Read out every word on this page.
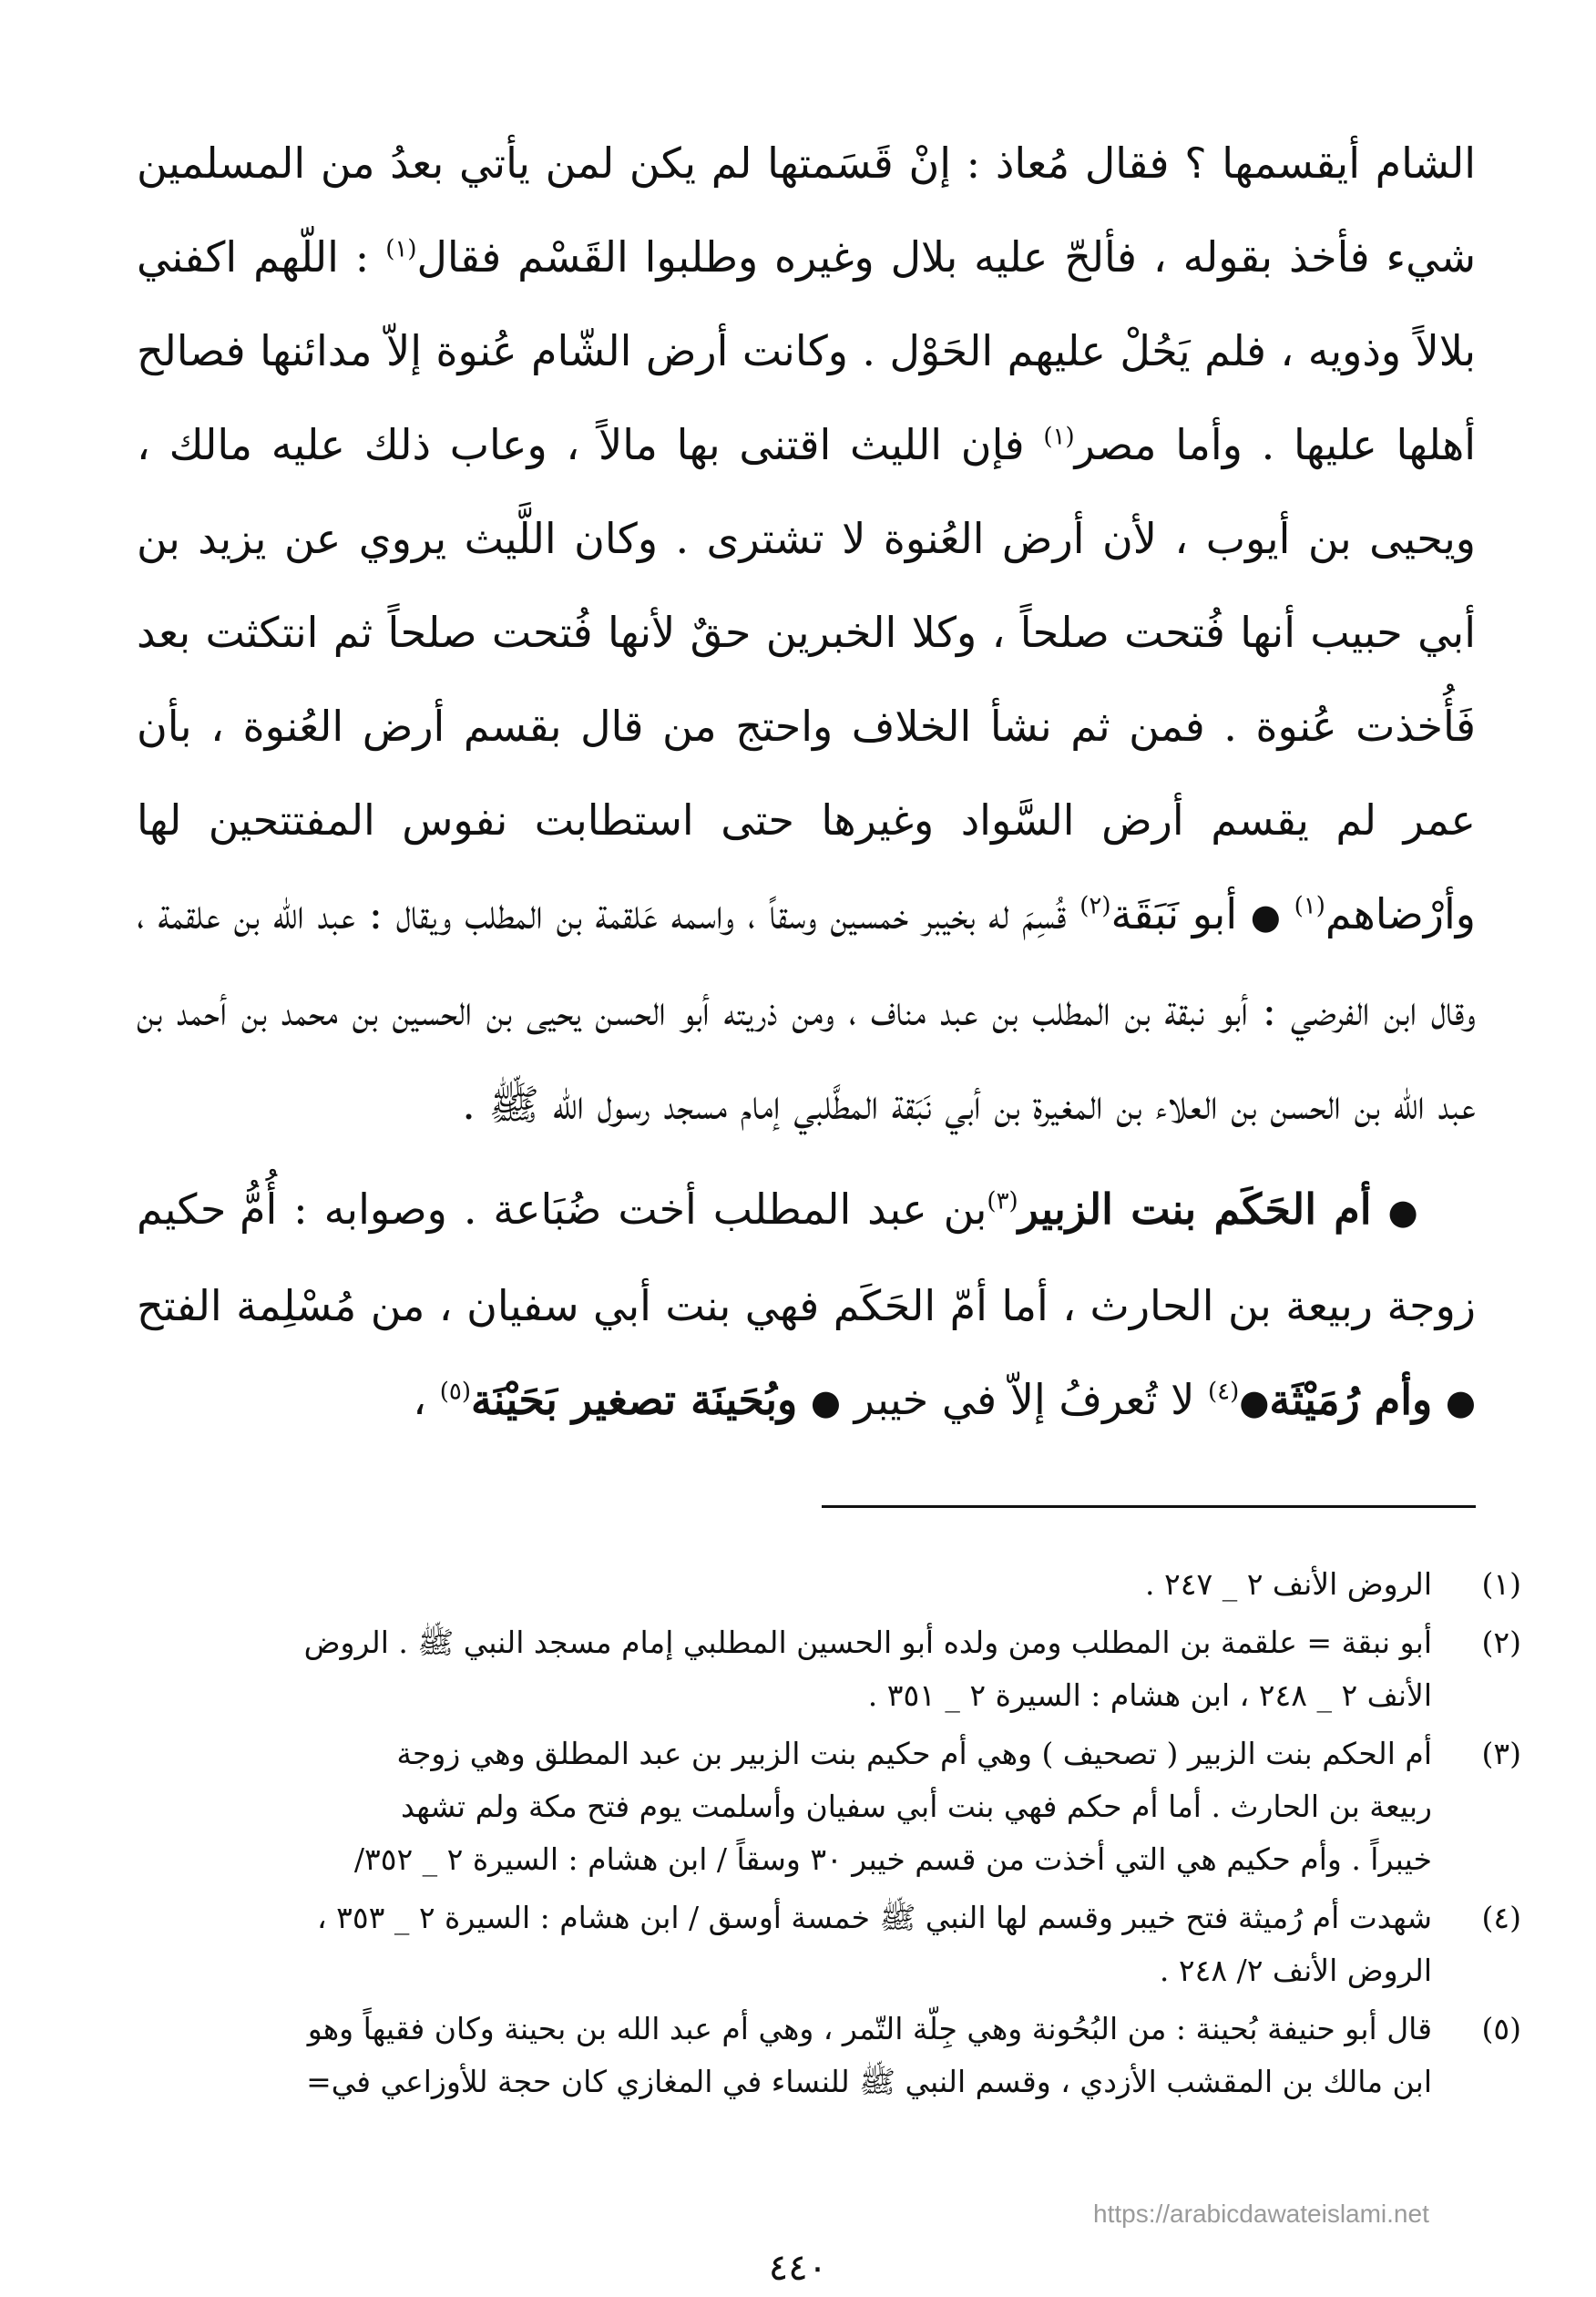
الشام أيقسمها ؟ فقال مُعاذ : إنْ قَسَمتها لم يكن لمن يأتي بعدُ من المسلمين شيء فأخذ بقوله ، فألحّ عليه بلال وغيره وطلبوا القَسْم فقال$^{(١)}$ : اللّهم اكفني بلالاً وذويه ، فلم يَحُلْ عليهم الحَوْل . وكانت أرض الشّام عُنوة إلاّ مدائنها فصالح أهلها عليها . وأما مصر$^{(١)}$ فإن الليث اقتنى بها مالاً ، وعاب ذلك عليه مالك ، ويحيى بن أيوب ، لأن أرض العُنوة لا تشترى . وكان اللَّيث يروي عن يزيد بن أبي حبيب أنها فُتحت صلحاً ، وكلا الخبرين حقٌ لأنها فُتحت صلحاً ثم انتكثت بعد فَأُخذت عُنوة . فمن ثم نشأ الخلاف واحتج من قال بقسم أرض العُنوة ، بأن عمر لم يقسم أرض السَّواد وغيرها حتى استطابت نفوس المفتتحين لها وأرْضاهم$^{(١)}$ ● أبو نَبَقَة$^{(٢)}$ قُسِمَ له بخيبر خمسين وسقاً ، واسمه عَلقمة بن المطلب ويقال : عبد الله بن علقمة ، وقال ابن الفرضي : أبو نبقة بن المطلب بن عبد مناف ، ومن ذريته أبو الحسن يحيى بن الحسين بن محمد بن أحمد بن عبد الله بن الحسن بن العلاء بن المغيرة بن أبي نَبَقة المطَّلبي إمام مسجد رسول الله ﷺ .

● أم الحَكَم بنت الزبير$^{(٣)}$بن عبد المطلب أخت ضُبَاعة . وصوابه : أُمُّ حكيم زوجة ربيعة بن الحارث ، أما أمّ الحَكَم فهي بنت أبي سفيان ، من مُسْلِمة الفتح ● وأم رُمَيْثَة●$^{(٤)}$ لا تُعرفُ إلاّ في خيبر ● وبُحَينَة تصغير بَحَيْنَة$^{(٥)}$ ،

(١)
الروض الأنف ٢ _ ٢٤٧ .
(٢)
أبو نبقة = علقمة بن المطلب ومن ولده أبو الحسين المطلبي إمام مسجد النبي ﷺ . الروض
الأنف ٢ _ ٢٤٨ ، ابن هشام : السيرة ٢ _ ٣٥١ .
(٣)
أم الحكم بنت الزبير ( تصحيف ) وهي أم حكيم بنت الزبير بن عبد المطلق وهي زوجة
ربيعة بن الحارث . أما أم حكم فهي بنت أبي سفيان وأسلمت يوم فتح مكة ولم تشهد
خيبراً . وأم حكيم هي التي أخذت من قسم خيبر ٣٠ وسقاً / ابن هشام : السيرة ٢ _ ٣٥٢/
(٤)
شهدت أم رُميثة فتح خيبر وقسم لها النبي ﷺ خمسة أوسق / ابن هشام : السيرة ٢ _ ٣٥٣ ،
الروض الأنف ٢/ ٢٤٨ .
(٥)
قال أبو حنيفة بُحينة : من البُحُونة وهي جِلّة التّمر ، وهي أم عبد الله بن بحينة وكان فقيهاً وهو
ابن مالك بن المقشب الأزدي ، وقسم النبي ﷺ للنساء في المغازي كان حجة للأوزاعي في=
https://arabicdawateislami.net
٤٤٠
